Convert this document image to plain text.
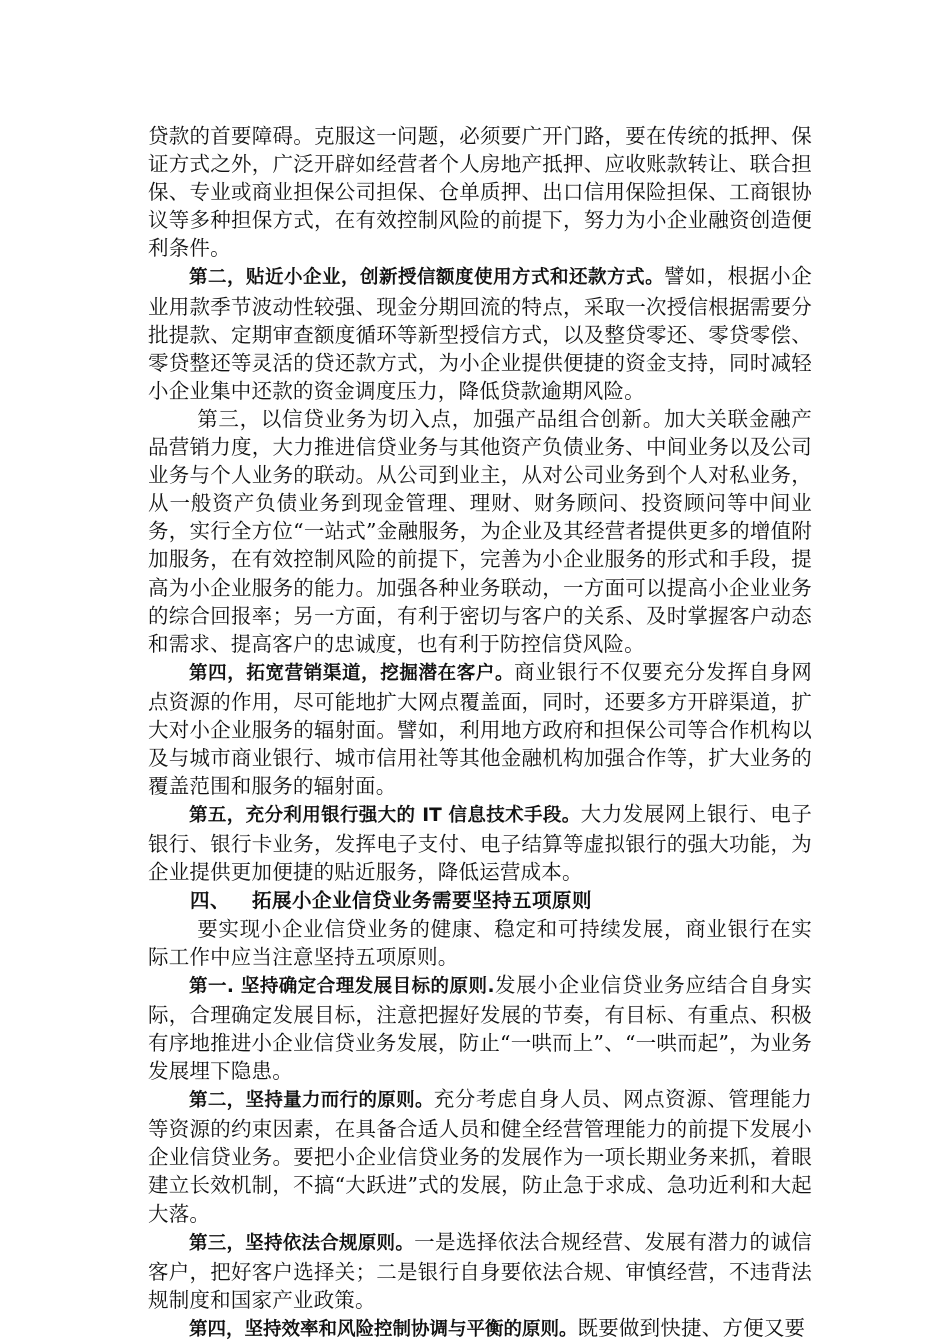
贷款的首要障碍。克服这一问题，必须要广开门路，要在传统的抵押、保证方式之外，广泛开辟如经营者个人房地产抵押、应收账款转让、联合担保、专业或商业担保公司担保、仓单质押、出口信用保险担保、工商银协议等多种担保方式，在有效控制风险的前提下，努力为小企业融资创造便利条件。

第二，贴近小企业，创新授信额度使用方式和还款方式。譬如，根据小企业用款季节波动性较强、现金分期回流的特点，采取一次授信根据需要分批提款、定期审查额度循环等新型授信方式，以及整贷零还、零贷零偿、零贷整还等灵活的贷还款方式，为小企业提供便捷的资金支持，同时减轻小企业集中还款的资金调度压力，降低贷款逾期风险。

第三，以信贷业务为切入点，加强产品组合创新。加大关联金融产品营销力度，大力推进信贷业务与其他资产负债业务、中间业务以及公司业务与个人业务的联动。从公司到业主，从对公司业务到个人对私业务，从一般资产负债业务到现金管理、理财、财务顾问、投资顾问等中间业务，实行全方位“一站式”金融服务，为企业及其经营者提供更多的增值附加服务，在有效控制风险的前提下，完善为小企业服务的形式和手段，提高为小企业服务的能力。加强各种业务联动，一方面可以提高小企业业务的综合回报率；另一方面，有利于密切与客户的关系、及时掌握客户动态和需求、提高客户的忠诚度，也有利于防控信贷风险。

第四，拓宽营销渠道，挖掘潜在客户。商业银行不仅要充分发挥自身网点资源的作用，尽可能地扩大网点覆盖面，同时，还要多方开辟渠道，扩大对小企业服务的辐射面。譬如，利用地方政府和担保公司等合作机构以及与城市商业银行、城市信用社等其他金融机构加强合作等，扩大业务的覆盖范围和服务的辐射面。

第五，充分利用银行强大的 IT 信息技术手段。大力发展网上银行、电子银行、银行卡业务，发挥电子支付、电子结算等虚拟银行的强大功能，为企业提供更加便捷的贴近服务，降低运营成本。

四、 拓展小企业信贷业务需要坚持五项原则

要实现小企业信贷业务的健康、稳定和可持续发展，商业银行在实际工作中应当注意坚持五项原则。

第一. 坚持确定合理发展目标的原则.发展小企业信贷业务应结合自身实际，合理确定发展目标，注意把握好发展的节奏，有目标、有重点、积极有序地推进小企业信贷业务发展，防止“一哄而上”、“一哄而起”，为业务发展埋下隐患。

第二，坚持量力而行的原则。充分考虑自身人员、网点资源、管理能力等资源的约束因素，在具备合适人员和健全经营管理能力的前提下发展小企业信贷业务。要把小企业信贷业务的发展作为一项长期业务来抓，着眼建立长效机制，不搞“大跃进”式的发展，防止急于求成、急功近利和大起大落。

第三，坚持依法合规原则。一是选择依法合规经营、发展有潜力的诚信客户，把好客户选择关；二是银行自身要依法合规、审慎经营，不违背法规制度和国家产业政策。

第四，坚持效率和风险控制协调与平衡的原则。既要做到快捷、方便又要
